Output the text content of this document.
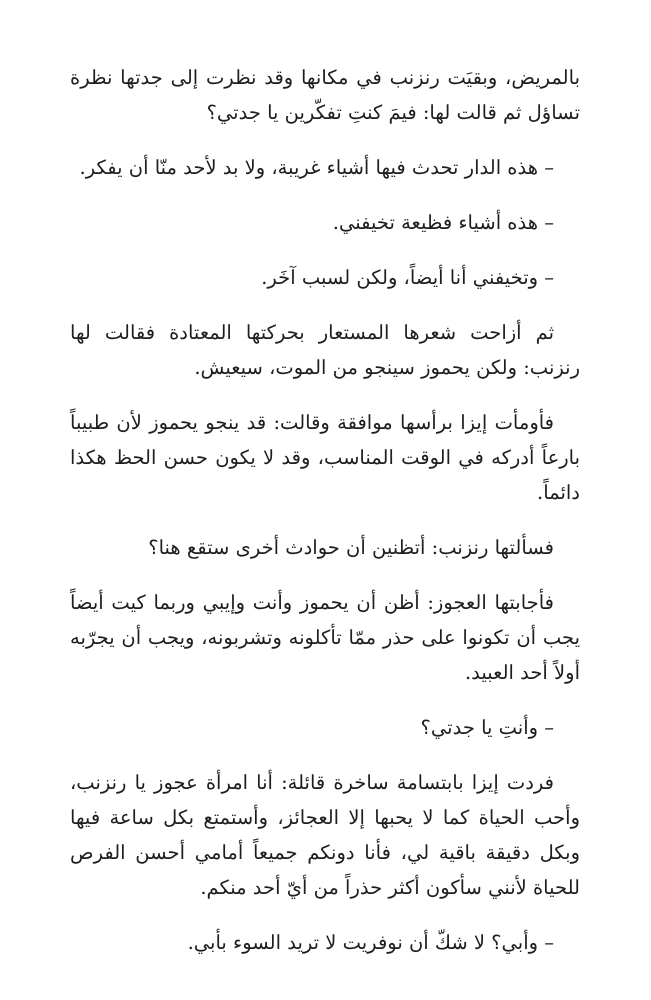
بالمريض، وبقيَت رنزنب في مكانها وقد نظرت إلى جدتها نظرة تساؤل ثم قالت لها: فيمَ كنتِ تفكّرين يا جدتي؟

– هذه الدار تحدث فيها أشياء غريبة، ولا بد لأحد منّا أن يفكر.

– هذه أشياء فظيعة تخيفني.

– وتخيفني أنا أيضاً، ولكن لسبب آخَر.

ثم أزاحت شعرها المستعار بحركتها المعتادة فقالت لها رنزنب: ولكن يحموز سينجو من الموت، سيعيش.

فأومأت إيزا برأسها موافقة وقالت: قد ينجو يحموز لأن طبيباً بارعاً أدركه في الوقت المناسب، وقد لا يكون حسن الحظ هكذا دائماً.

فسألتها رنزنب: أتظنين أن حوادث أخرى ستقع هنا؟

فأجابتها العجوز: أظن أن يحموز وأنت وإيبي وربما كيت أيضاً يجب أن تكونوا على حذر ممّا تأكلونه وتشربونه، ويجب أن يجرّبه أولاً أحد العبيد.

– وأنتِ يا جدتي؟

فردت إيزا بابتسامة ساخرة قائلة: أنا امرأة عجوز يا رنزنب، وأحب الحياة كما لا يحبها إلا العجائز، وأستمتع بكل ساعة فيها وبكل دقيقة باقية لي، فأنا دونكم جميعاً أمامي أحسن الفرص للحياة لأنني سأكون أكثر حذراً من أيّ أحد منكم.

– وأبي؟ لا شكّ أن نوفريت لا تريد السوء بأبي.
